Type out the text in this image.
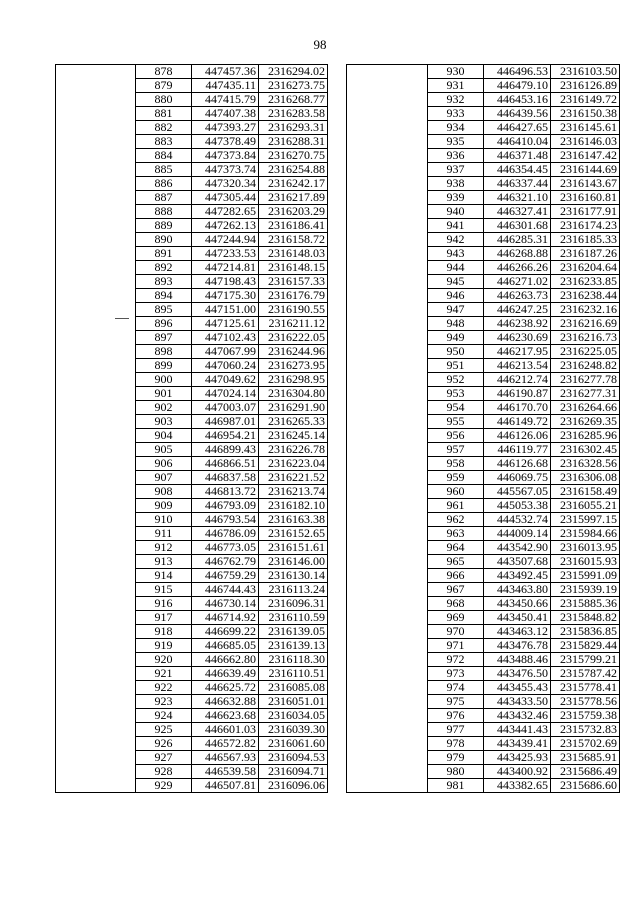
98
	878	447457.36	2316294.02
	879	447435.11	2316273.75
	880	447415.79	2316268.77
	881	447407.38	2316283.58
	882	447393.27	2316293.31
	883	447378.49	2316288.31
	884	447373.84	2316270.75
	885	447373.74	2316254.88
	886	447320.34	2316242.17
	887	447305.44	2316217.89
	888	447282.65	2316203.29
	889	447262.13	2316186.41
	890	447244.94	2316158.72
	891	447233.53	2316148.03
	892	447214.81	2316148.15
	893	447198.43	2316157.33
	894	447175.30	2316176.79
	895	447151.00	2316190.55
	896	447125.61	2316211.12
	897	447102.43	2316222.05
	898	447067.99	2316244.96
	899	447060.24	2316273.95
	900	447049.62	2316298.95
	901	447024.14	2316304.80
	902	447003.07	2316291.90
	903	446987.01	2316265.33
	904	446954.21	2316245.14
	905	446899.43	2316226.78
	906	446866.51	2316223.04
	907	446837.58	2316221.52
	908	446813.72	2316213.74
	909	446793.09	2316182.10
	910	446793.54	2316163.38
	911	446786.09	2316152.65
	912	446773.05	2316151.61
	913	446762.79	2316146.00
	914	446759.29	2316130.14
	915	446744.43	2316113.24
	916	446730.14	2316096.31
	917	446714.92	2316110.59
	918	446699.22	2316139.05
	919	446685.05	2316139.13
	920	446662.80	2316118.30
	921	446639.49	2316110.51
	922	446625.72	2316085.08
	923	446632.88	2316051.01
	924	446623.68	2316034.05
	925	446601.03	2316039.30
	926	446572.82	2316061.60
	927	446567.93	2316094.53
	928	446539.58	2316094.71
	929	446507.81	2316096.06
	930	446496.53	2316103.50
	931	446479.10	2316126.89
	932	446453.16	2316149.72
	933	446439.56	2316150.38
	934	446427.65	2316145.61
	935	446410.04	2316146.03
	936	446371.48	2316147.42
	937	446354.45	2316144.69
	938	446337.44	2316143.67
	939	446321.10	2316160.81
	940	446327.41	2316177.91
	941	446301.68	2316174.23
	942	446285.31	2316185.33
	943	446268.88	2316187.26
	944	446266.26	2316204.64
	945	446271.02	2316233.85
	946	446263.73	2316238.44
	947	446247.25	2316232.16
	948	446238.92	2316216.69
	949	446230.69	2316216.73
	950	446217.95	2316225.05
	951	446213.54	2316248.82
	952	446212.74	2316277.78
	953	446190.87	2316277.31
	954	446170.70	2316264.66
	955	446149.72	2316269.35
	956	446126.06	2316285.96
	957	446119.77	2316302.45
	958	446126.68	2316328.56
	959	446069.75	2316306.08
	960	445567.05	2316158.49
	961	445053.38	2316055.21
	962	444532.74	2315997.15
	963	444009.14	2315984.66
	964	443542.90	2316013.95
	965	443507.68	2316015.93
	966	443492.45	2315991.09
	967	443463.80	2315939.19
	968	443450.66	2315885.36
	969	443450.41	2315848.82
	970	443463.12	2315836.85
	971	443476.78	2315829.44
	972	443488.46	2315799.21
	973	443476.50	2315787.42
	974	443455.43	2315778.41
	975	443433.50	2315778.56
	976	443432.46	2315759.38
	977	443441.43	2315732.83
	978	443439.41	2315702.69
	979	443425.93	2315685.91
	980	443400.92	2315686.49
	981	443382.65	2315686.60
